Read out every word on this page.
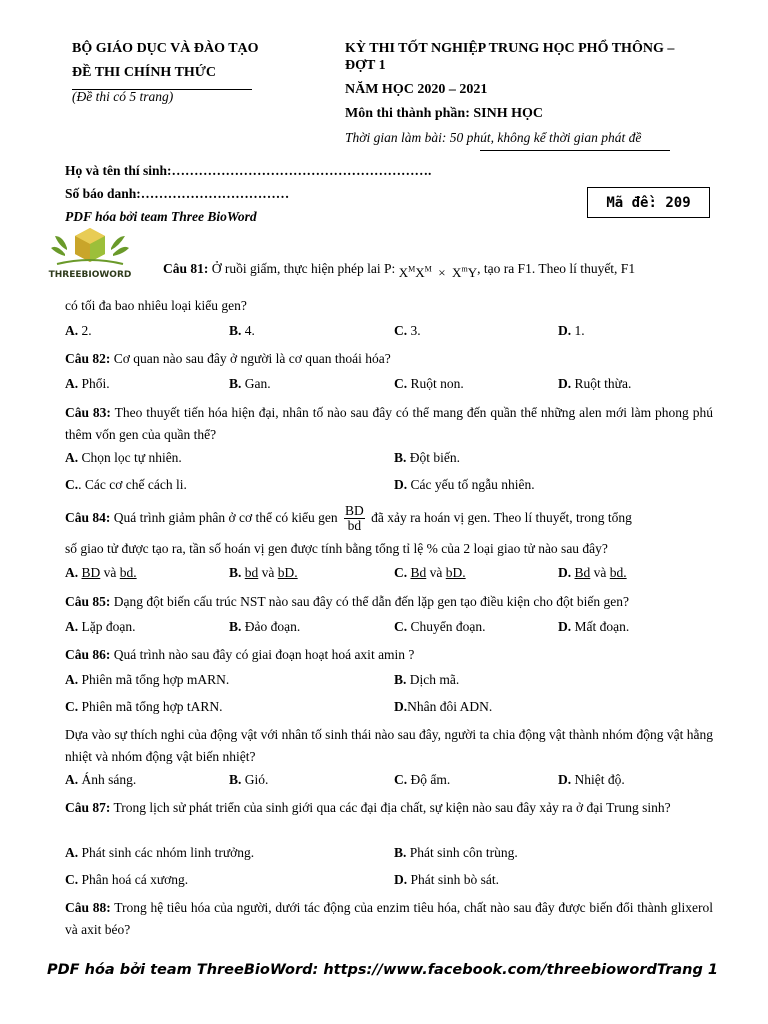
BỘ GIÁO DỤC VÀ ĐÀO TẠO
ĐỀ THI CHÍNH THỨC
(Đề thi có 5 trang)
KỲ THI TỐT NGHIỆP TRUNG HỌC PHỔ THÔNG –
ĐỢT 1
NĂM HỌC 2020 – 2021
Môn thi thành phần: SINH HỌC
Thời gian làm bài: 50 phút, không kể thời gian phát đề
Họ và tên thí sinh:………………………………………………….
Số báo danh:……………………………
PDF hóa bởi team Three BioWord
Mã đề: 209
THREEBIOWORD Câu 81: Ở ruồi giấm, thực hiện phép lai P: $X^MX^M \times X^mY$, tạo ra F1. Theo lí thuyết, F1
có tối đa bao nhiêu loại kiểu gen?
A. 2.	B. 4.	C. 3.	D. 1.
Câu 82: Cơ quan nào sau đây ở người là cơ quan thoái hóa?
A. Phổi.	B. Gan.	C. Ruột non.	D. Ruột thừa.
Câu 83: Theo thuyết tiến hóa hiện đại, nhân tố nào sau đây có thể mang đến quần thể những alen mới làm phong phú thêm vốn gen của quần thể?
A. Chọn lọc tự nhiên.	B. Đột biến.
C.. Các cơ chế cách li.	D. Các yếu tố ngẫu nhiên.
Câu 84: Quá trình giảm phân ở cơ thể có kiểu gen $\frac{BD}{bd}$ đã xảy ra hoán vị gen. Theo lí thuyết, trong tổng
số giao tử được tạo ra, tần số hoán vị gen được tính bằng tổng tỉ lệ % của 2 loại giao tử nào sau đây?
A. BD và bd.	B. bd và bD.	C. Bd và bD.	D. Bd và bd.
Câu 85: Dạng đột biến cấu trúc NST nào sau đây có thể dẫn đến lặp gen tạo điều kiện cho đột biến gen?
A. Lặp đoạn.	B. Đảo đoạn.	C. Chuyển đoạn.	D. Mất đoạn.
Câu 86: Quá trình nào sau đây có giai đoạn hoạt hoá axit amin ?
A. Phiên mã tổng hợp mARN.	B. Dịch mã.
C. Phiên mã tổng hợp tARN.	D.Nhân đôi ADN.
Dựa vào sự thích nghi của động vật với nhân tố sinh thái nào sau đây, người ta chia động vật thành nhóm động vật hằng nhiệt và nhóm động vật biến nhiệt?
A. Ánh sáng.	B. Gió.	C. Độ ẩm.	D. Nhiệt độ.
Câu 87: Trong lịch sử phát triển của sinh giới qua các đại địa chất, sự kiện nào sau đây xảy ra ở đại Trung sinh?
A. Phát sinh các nhóm linh trưởng.	B. Phát sinh côn trùng.
C. Phân hoá cá xương.	D. Phát sinh bò sát.
Câu 88: Trong hệ tiêu hóa của người, dưới tác động của enzim tiêu hóa, chất nào sau đây được biến đổi thành glixerol và axit béo?
PDF hóa bởi team ThreeBioWord: https://www.facebook.com/threebiowordTrang 1
